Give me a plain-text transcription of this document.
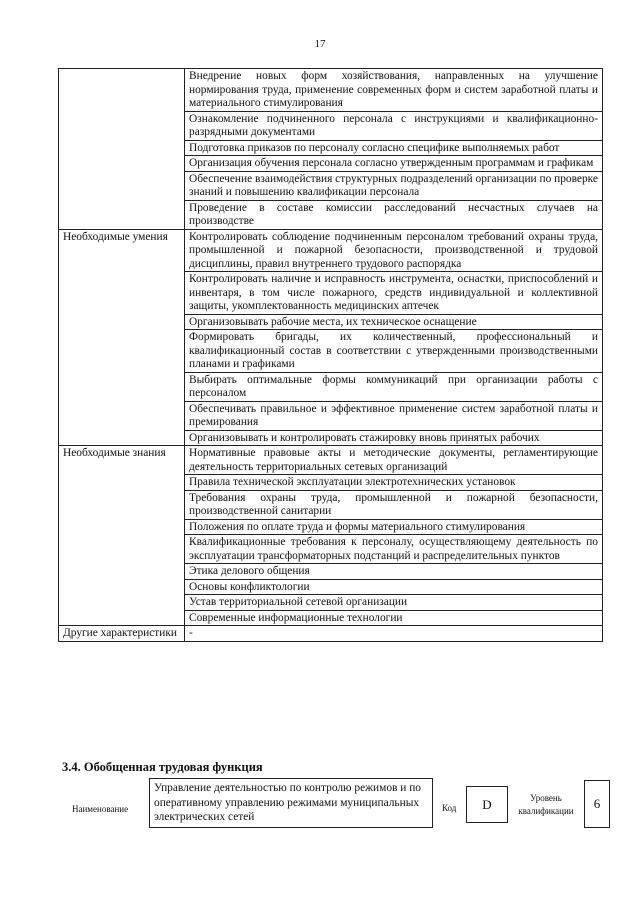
17
	Внедрение новых форм хозяйствования, направленных на улучшение нормирования труда, применение современных форм и систем заработной платы и материального стимулирования
	Ознакомление подчиненного персонала с инструкциями и квалификационно-разрядными документами
	Подготовка приказов по персоналу согласно специфике выполняемых работ
	Организация обучения персонала согласно утвержденным программам и графикам
	Обеспечение взаимодействия структурных подразделений организации по проверке знаний и повышению квалификации персонала
	Проведение в составе комиссии расследований несчастных случаев на производстве
Необходимые умения	Контролировать соблюдение подчиненным персоналом требований охраны труда, промышленной и пожарной безопасности, производственной и трудовой дисциплины, правил внутреннего трудового распорядка
	Контролировать наличие и исправность инструмента, оснастки, приспособлений и инвентаря, в том числе пожарного, средств индивидуальной и коллективной защиты, укомплектованность медицинских аптечек
	Организовывать рабочие места, их техническое оснащение
	Формировать бригады, их количественный, профессиональный и квалификационный состав в соответствии с утвержденными производственными планами и графиками
	Выбирать оптимальные формы коммуникаций при организации работы с персоналом
	Обеспечивать правильное и эффективное применение систем заработной платы и премирования
	Организовывать и контролировать стажировку вновь принятых рабочих
Необходимые знания	Нормативные правовые акты и методические документы, регламентирующие деятельность территориальных сетевых организаций
	Правила технической эксплуатации электротехнических установок
	Требования охраны труда, промышленной и пожарной безопасности, производственной санитарии
	Положения по оплате труда и формы материального стимулирования
	Квалификационные требования к персоналу, осуществляющему деятельность по эксплуатации трансформаторных подстанций и распределительных пунктов
	Этика делового общения
	Основы конфликтологии
	Устав территориальной сетевой организации
	Современные информационные технологии
Другие характеристики	-
3.4. Обобщенная трудовая функция
Наименование
Управление деятельностью по контролю режимов и по оперативному управлению режимами муниципальных электрических сетей
Код	D	Уровень квалификации	6
